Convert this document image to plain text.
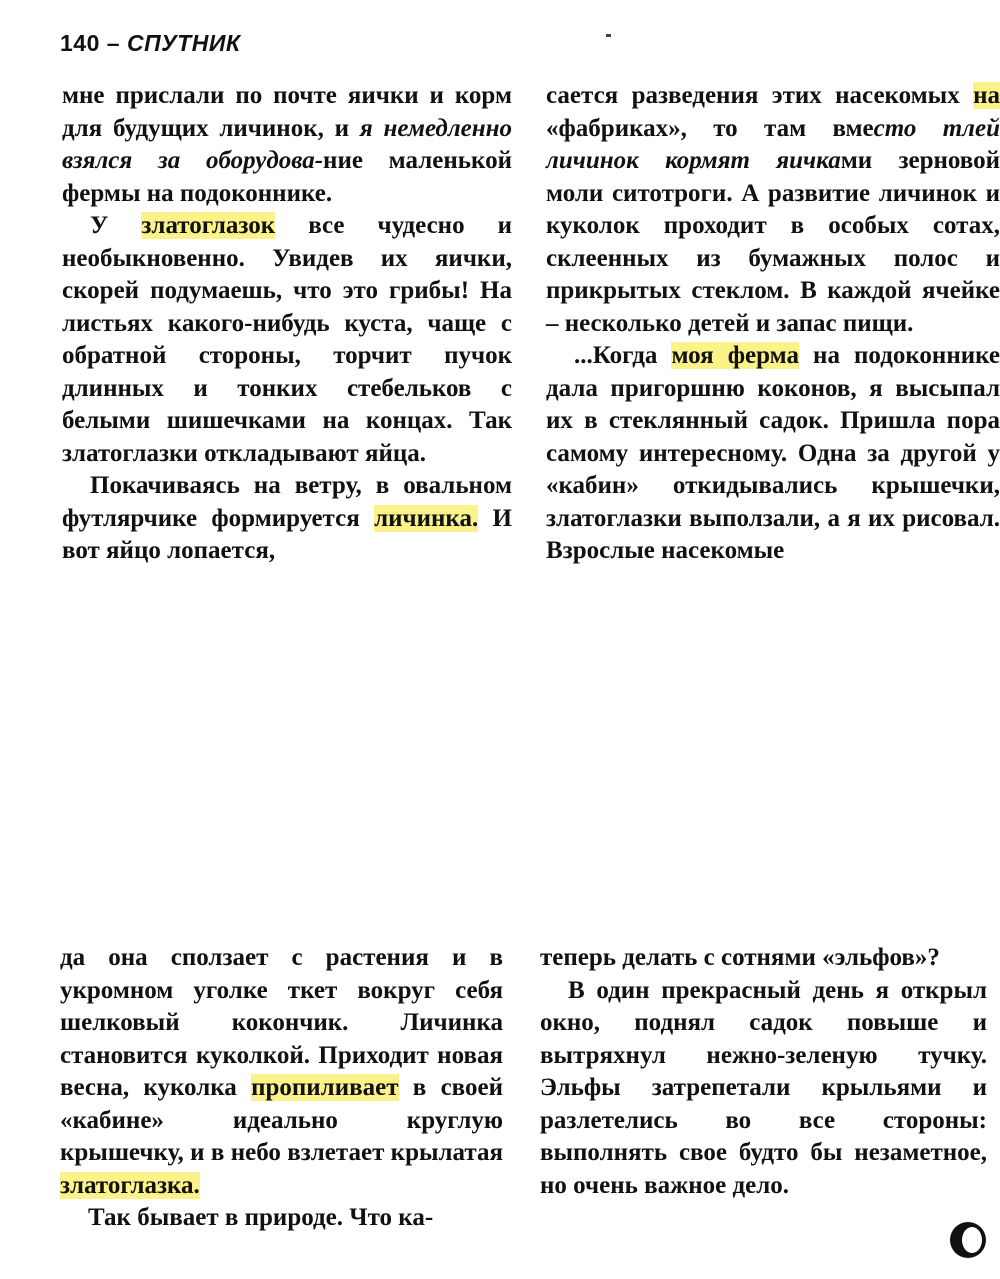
140 – СПУТНИК

мне прислали по почте яички и корм для будущих личинок, и я немедленно взялся за оборудова-ние маленькой фермы на подоконнике.

У златоглазок все чудесно и необыкновенно. Увидев их яички, скорей подумаешь, что это грибы! На листьях какого-нибудь куста, чаще с обратной стороны, торчит пучок длинных и тонких стебельков с белыми шишечками на концах. Так златоглазки откладывают яйца.

Покачиваясь на ветру, в овальном футлярчике формируется личинка. И вот яйцо лопается,

сается разведения этих насекомых на «фабриках», то там вместо тлей личинок кормят яичками зерновой моли ситотроги. А развитие личинок и куколок проходит в особых сотах, склеенных из бумажных полос и прикрытых стеклом. В каждой ячейке – несколько детей и запас пищи.

...Когда моя ферма на подоконнике дала пригоршню коконов, я высыпал их в стеклянный садок. Пришла пора самому интересному. Одна за другой у «кабин» откидывались крышечки, златоглазки выползали, а я их рисовал. Взрослые насекомые

да она сползает с растения и в укромном уголке ткет вокруг себя шелковый кокончик. Личинка становится куколкой. Приходит новая весна, куколка пропиливает в своей «кабине» идеально круглую крышечку, и в небо взлетает крылатая златоглазка.

Так бывает в природе. Что ка-

теперь делать с сотнями «эльфов»?

В один прекрасный день я открыл окно, поднял садок повыше и вытряхнул нежно-зеленую тучку. Эльфы затрепетали крыльями и разлетелись во все стороны: выполнять свое будто бы незаметное, но очень важное дело.
